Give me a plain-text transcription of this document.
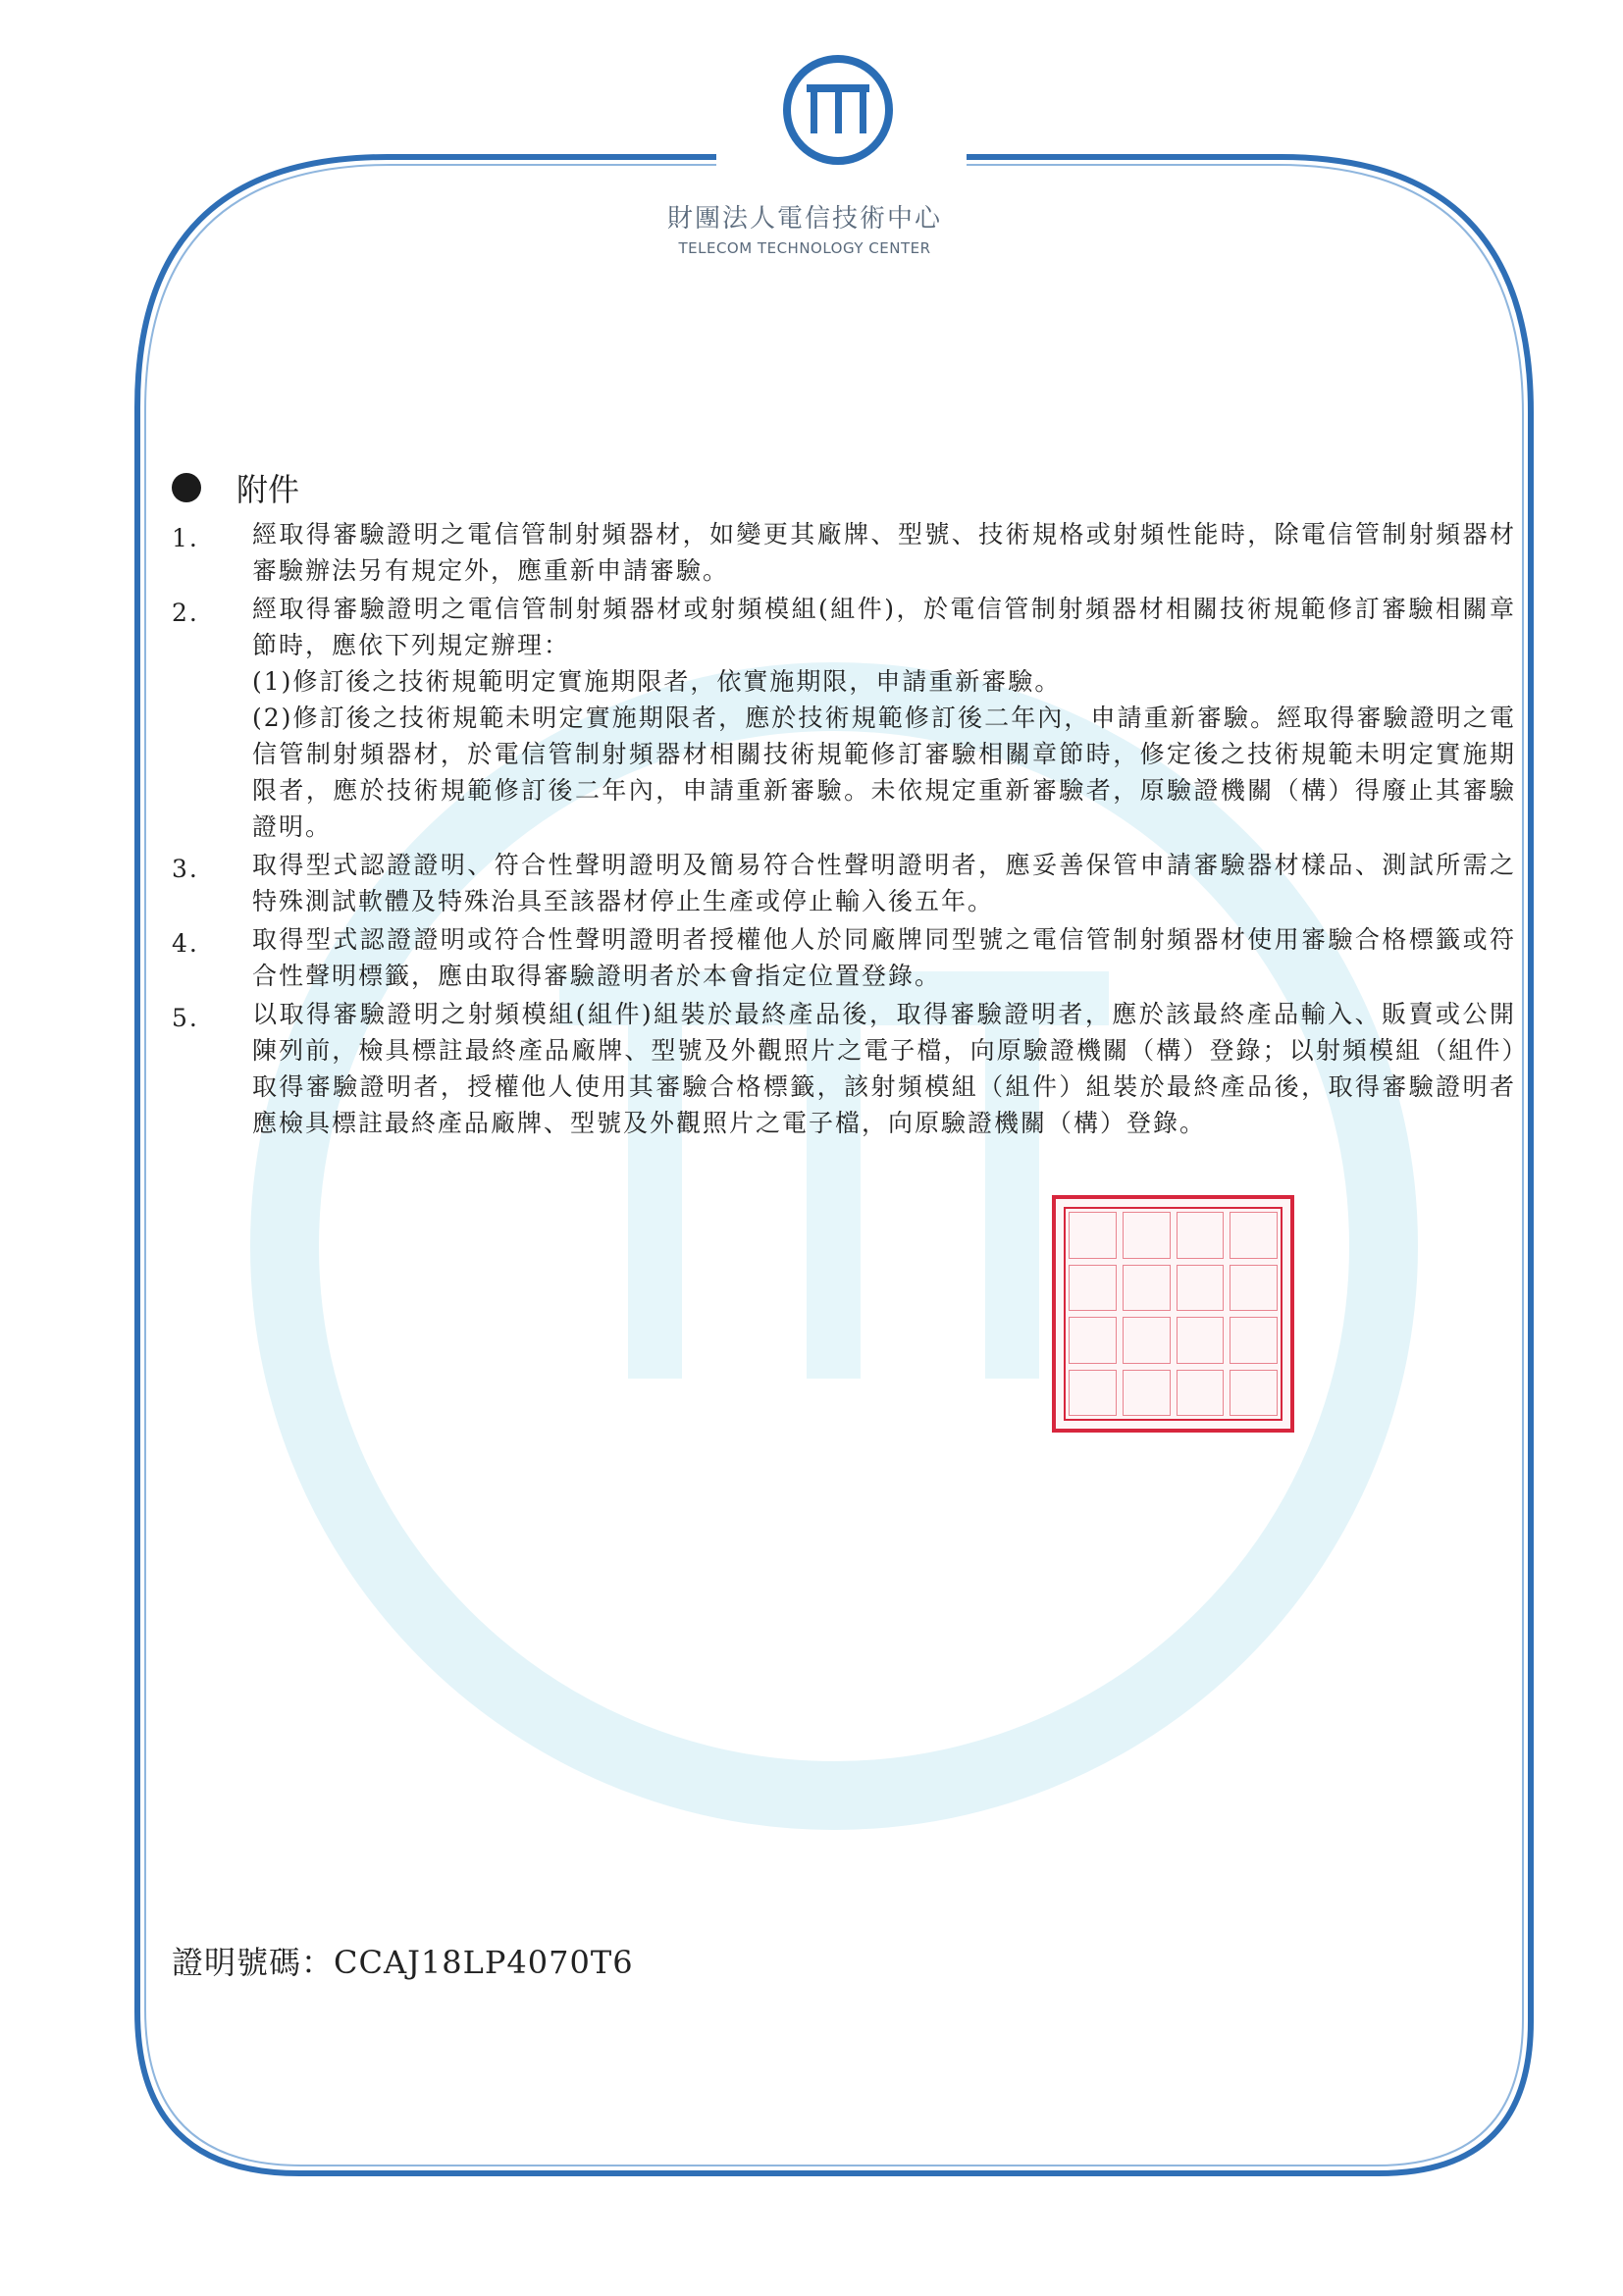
財團法人電信技術中心
TELECOM TECHNOLOGY CENTER
附件
1.	經取得審驗證明之電信管制射頻器材，如變更其廠牌、型號、技術規格或射頻性能時，除電信管制射頻器材審驗辦法另有規定外，應重新申請審驗。

2.	經取得審驗證明之電信管制射頻器材或射頻模組(組件)，於電信管制射頻器材相關技術規範修訂審驗相關章節時，應依下列規定辦理：

(1)修訂後之技術規範明定實施期限者，依實施期限，申請重新審驗。

(2)修訂後之技術規範未明定實施期限者，應於技術規範修訂後二年內，申請重新審驗。經取得審驗證明之電信管制射頻器材，於電信管制射頻器材相關技術規範修訂審驗相關章節時，修定後之技術規範未明定實施期限者，應於技術規範修訂後二年內，申請重新審驗。未依規定重新審驗者，原驗證機關（構）得廢止其審驗證明。

3.	取得型式認證證明、符合性聲明證明及簡易符合性聲明證明者，應妥善保管申請審驗器材樣品、測試所需之特殊測試軟體及特殊治具至該器材停止生產或停止輸入後五年。

4.	取得型式認證證明或符合性聲明證明者授權他人於同廠牌同型號之電信管制射頻器材使用審驗合格標籤或符合性聲明標籤，應由取得審驗證明者於本會指定位置登錄。

5.	以取得審驗證明之射頻模組(組件)組裝於最終產品後，取得審驗證明者，應於該最終產品輸入、販賣或公開陳列前，檢具標註最終產品廠牌、型號及外觀照片之電子檔，向原驗證機關（構）登錄；以射頻模組（組件）取得審驗證明者，授權他人使用其審驗合格標籤，該射頻模組（組件）組裝於最終產品後，取得審驗證明者應檢具標註最終產品廠牌、型號及外觀照片之電子檔，向原驗證機關（構）登錄。

證明號碼：CCAJ18LP4070T6
